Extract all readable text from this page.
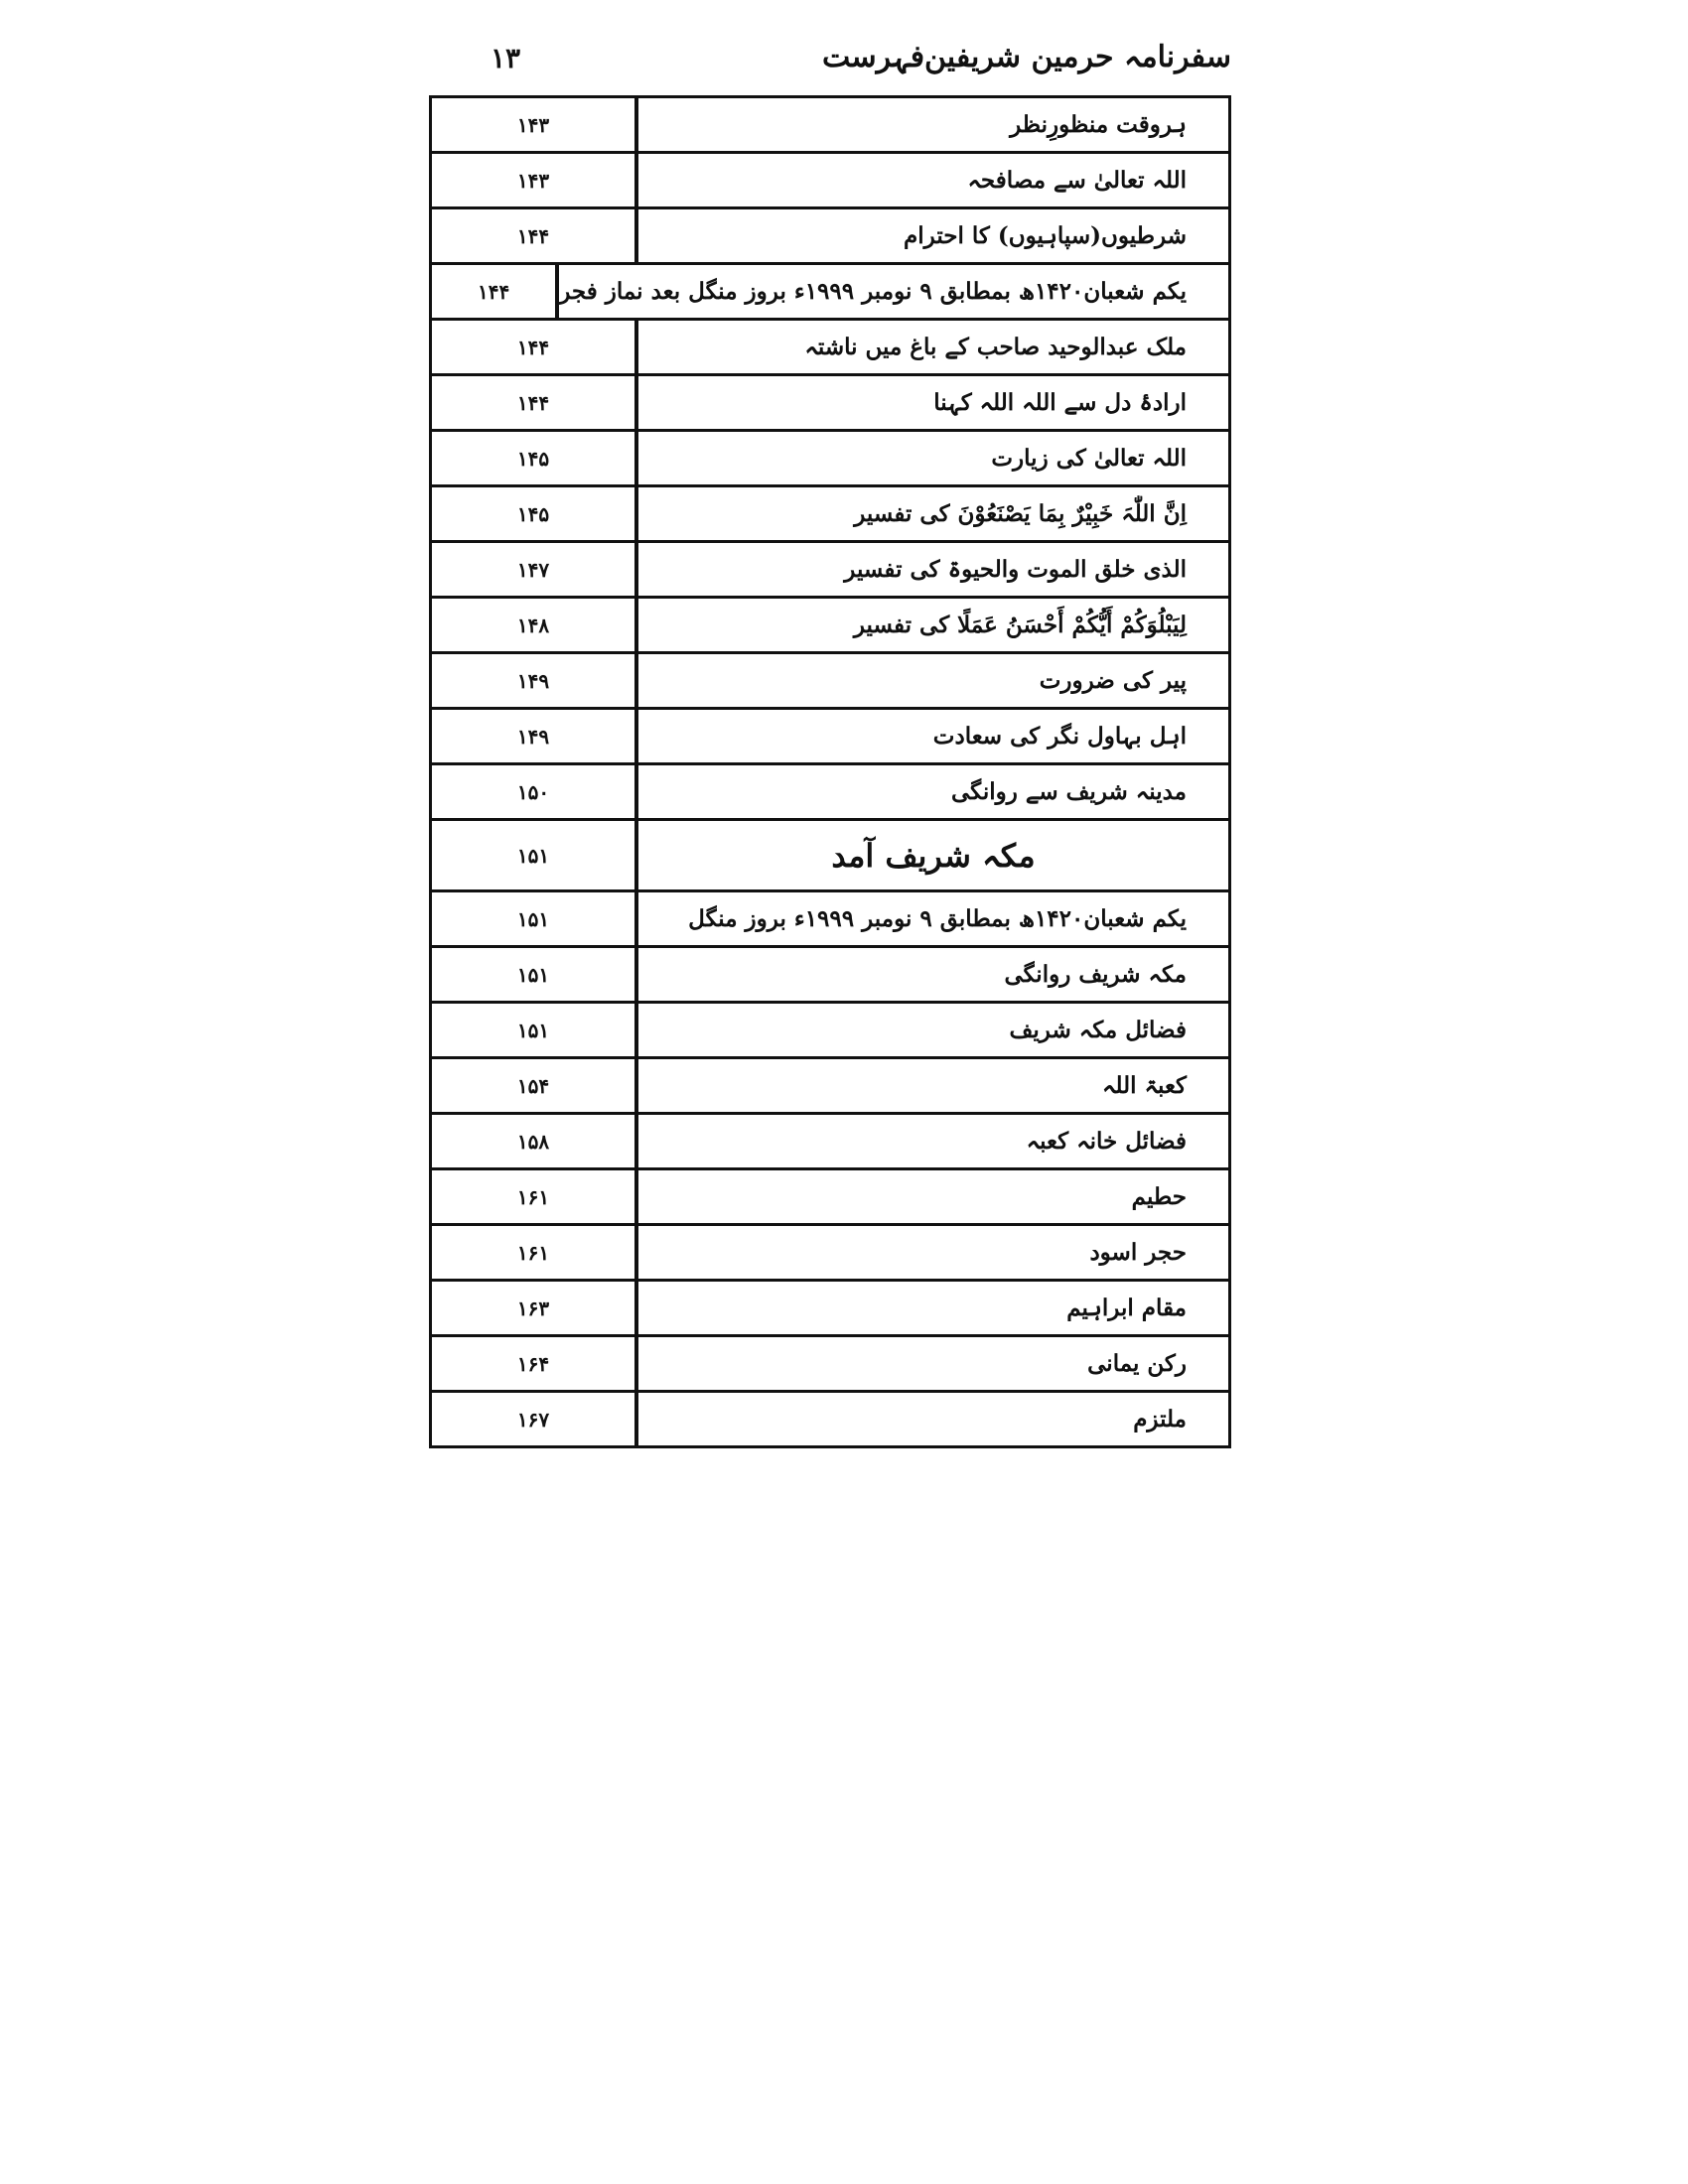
سفرنامہ حرمین شریفین
فہرست
۱۳
۱۴۳	ہروقت منظورِنظر
۱۴۳	اللہ تعالیٰ سے مصافحہ
۱۴۴	شرطیوں(سپاہیوں) کا احترام
۱۴۴	یکم شعبان۱۴۲۰ھ بمطابق ۹ نومبر ۱۹۹۹ء بروز منگل بعد نماز فجر
۱۴۴	ملک عبدالوحید صاحب کے باغ میں ناشتہ
۱۴۴	ارادۂ دل سے اللہ اللہ کہنا
۱۴۵	اللہ تعالیٰ کی زیارت
۱۴۵	اِنَّ اللّٰہَ خَبِيْرٌ بِمَا يَصْنَعُوْنَ کی تفسیر
۱۴۷	الذی خلق الموت والحیوۃ کی تفسیر
۱۴۸	لِيَبْلُوَكُمْ أَيُّكُمْ أَحْسَنُ عَمَلًا کی تفسیر
۱۴۹	پیر کی ضرورت
۱۴۹	اہل بہاول نگر کی سعادت
۱۵۰	مدینہ شریف سے روانگی
۱۵۱	مکہ شریف آمد
۱۵۱	یکم شعبان۱۴۲۰ھ بمطابق ۹ نومبر ۱۹۹۹ء بروز منگل
۱۵۱	مکہ شریف روانگی
۱۵۱	فضائل مکہ شریف
۱۵۴	کعبۃ اللہ
۱۵۸	فضائل خانہ کعبہ
۱۶۱	حطیم
۱۶۱	حجر اسود
۱۶۳	مقام ابراہیم
۱۶۴	رکن یمانی
۱۶۷	ملتزم
